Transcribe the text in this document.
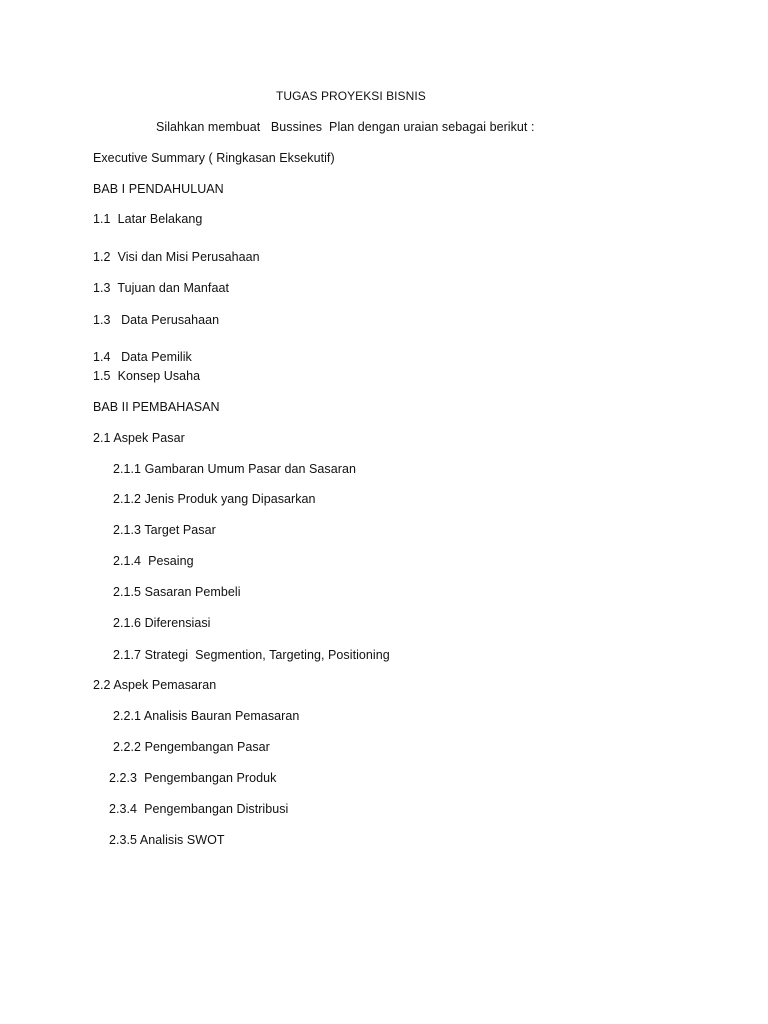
TUGAS PROYEKSI BISNIS
Silahkan membuat   Bussines  Plan dengan uraian sebagai berikut :
Executive Summary ( Ringkasan Eksekutif)
BAB I PENDAHULUAN
1.1  Latar Belakang
1.2  Visi dan Misi Perusahaan
1.3  Tujuan dan Manfaat
1.3   Data Perusahaan
1.4   Data Pemilik
1.5  Konsep Usaha
BAB II PEMBAHASAN
2.1 Aspek Pasar
2.1.1 Gambaran Umum Pasar dan Sasaran
2.1.2 Jenis Produk yang Dipasarkan
2.1.3 Target Pasar
2.1.4  Pesaing
2.1.5 Sasaran Pembeli
2.1.6 Diferensiasi
2.1.7 Strategi  Segmention, Targeting, Positioning
2.2 Aspek Pemasaran
2.2.1 Analisis Bauran Pemasaran
2.2.2 Pengembangan Pasar
2.2.3  Pengembangan Produk
2.3.4  Pengembangan Distribusi
2.3.5 Analisis SWOT
